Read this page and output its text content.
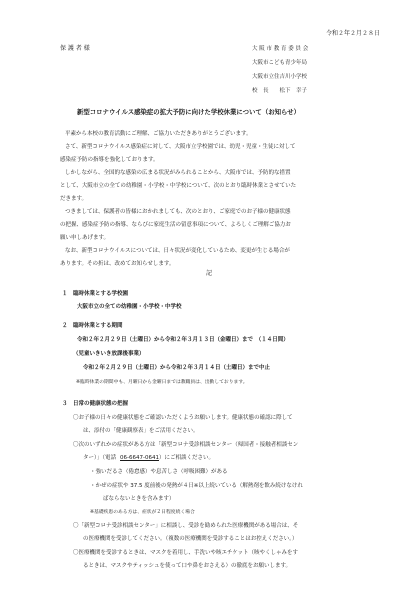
令和２年２月２８日
保 護 者 様	大 阪 市 教 育 委 員 会
大阪市こども青少年局
大阪市立住吉川小学校
校　長　　松下　幸子
新型コロナウイルス感染症の拡大予防に向けた学校休業について（お知らせ）
平素から本校の教育活動にご理解、ご協力いただきありがとうございます。
さて、新型コロナウイルス感染症に対して、大阪市立学校園では、幼児・児童・生徒に対して
感染症予防の指導を強化しております。
しかしながら、全国的な感染の広まる状況がみられることから、大阪市では、予防的な措置
として、大阪市立の全ての幼稚園・小学校・中学校について、次のとおり臨時休業とさせていた
だきます。
つきましては、保護者の皆様におかれましても、次のとおり、ご家庭でのお子様の健康状態
の把握、感染症予防の指導、ならびに家庭生活の留意事項について、よろしくご理解ご協力お
願い申しあげます。
なお、新型コロナウイルスについては、日々状況が変化しているため、変更が生じる場合が
あります。その折は、改めてお知らせします。
記
１　臨時休業とする学校園
大阪市立の全ての幼稚園・小学校・中学校
２　臨時休業とする期間
令和２年２月２９日（土曜日）から令和２年３月１３日（金曜日）まで　（１４日間）
（児童いきいき放課後事業）
令和２年２月２９日（土曜日）から令和２年３月１４日（土曜日）まで中止
※臨時休業の期間中も、月曜日から金曜日までは教職員は、出勤しております。
３　日常の健康状態の把握
〇お子様の日々の健康状態をご確認いただくようお願いします。健康状態の確認に際して
は、添付の「健康観察表」をご活用ください。
〇次のいずれかの症状がある方は「新型コロナ受診相談センター（帰国者・接触者相談セン
ター）」（電話 06-6647-0641）にご相談ください。
・強いだるさ（倦怠感）や息苦しさ（呼吸困難）がある
・かぜの症状や 37.5 度前後の発熱が４日※以上続いている（解熱剤を飲み続けなけれ
ばならないときを含みます）
※基礎疾患のある方は、症状が２日程度続く場合
〇「新型コロナ受診相談センター」に相談し、受診を勧められた医療機関がある場合は、そ
の医療機関を受診してください。（複数の医療機関を受診することはお控えください。）
〇医療機関を受診するときは、マスクを着用し、手洗いや咳エチケット（咳やくしゃみをす
るときは、マスクやティッシュを使って口や鼻をおさえる）の徹底をお願いします。
